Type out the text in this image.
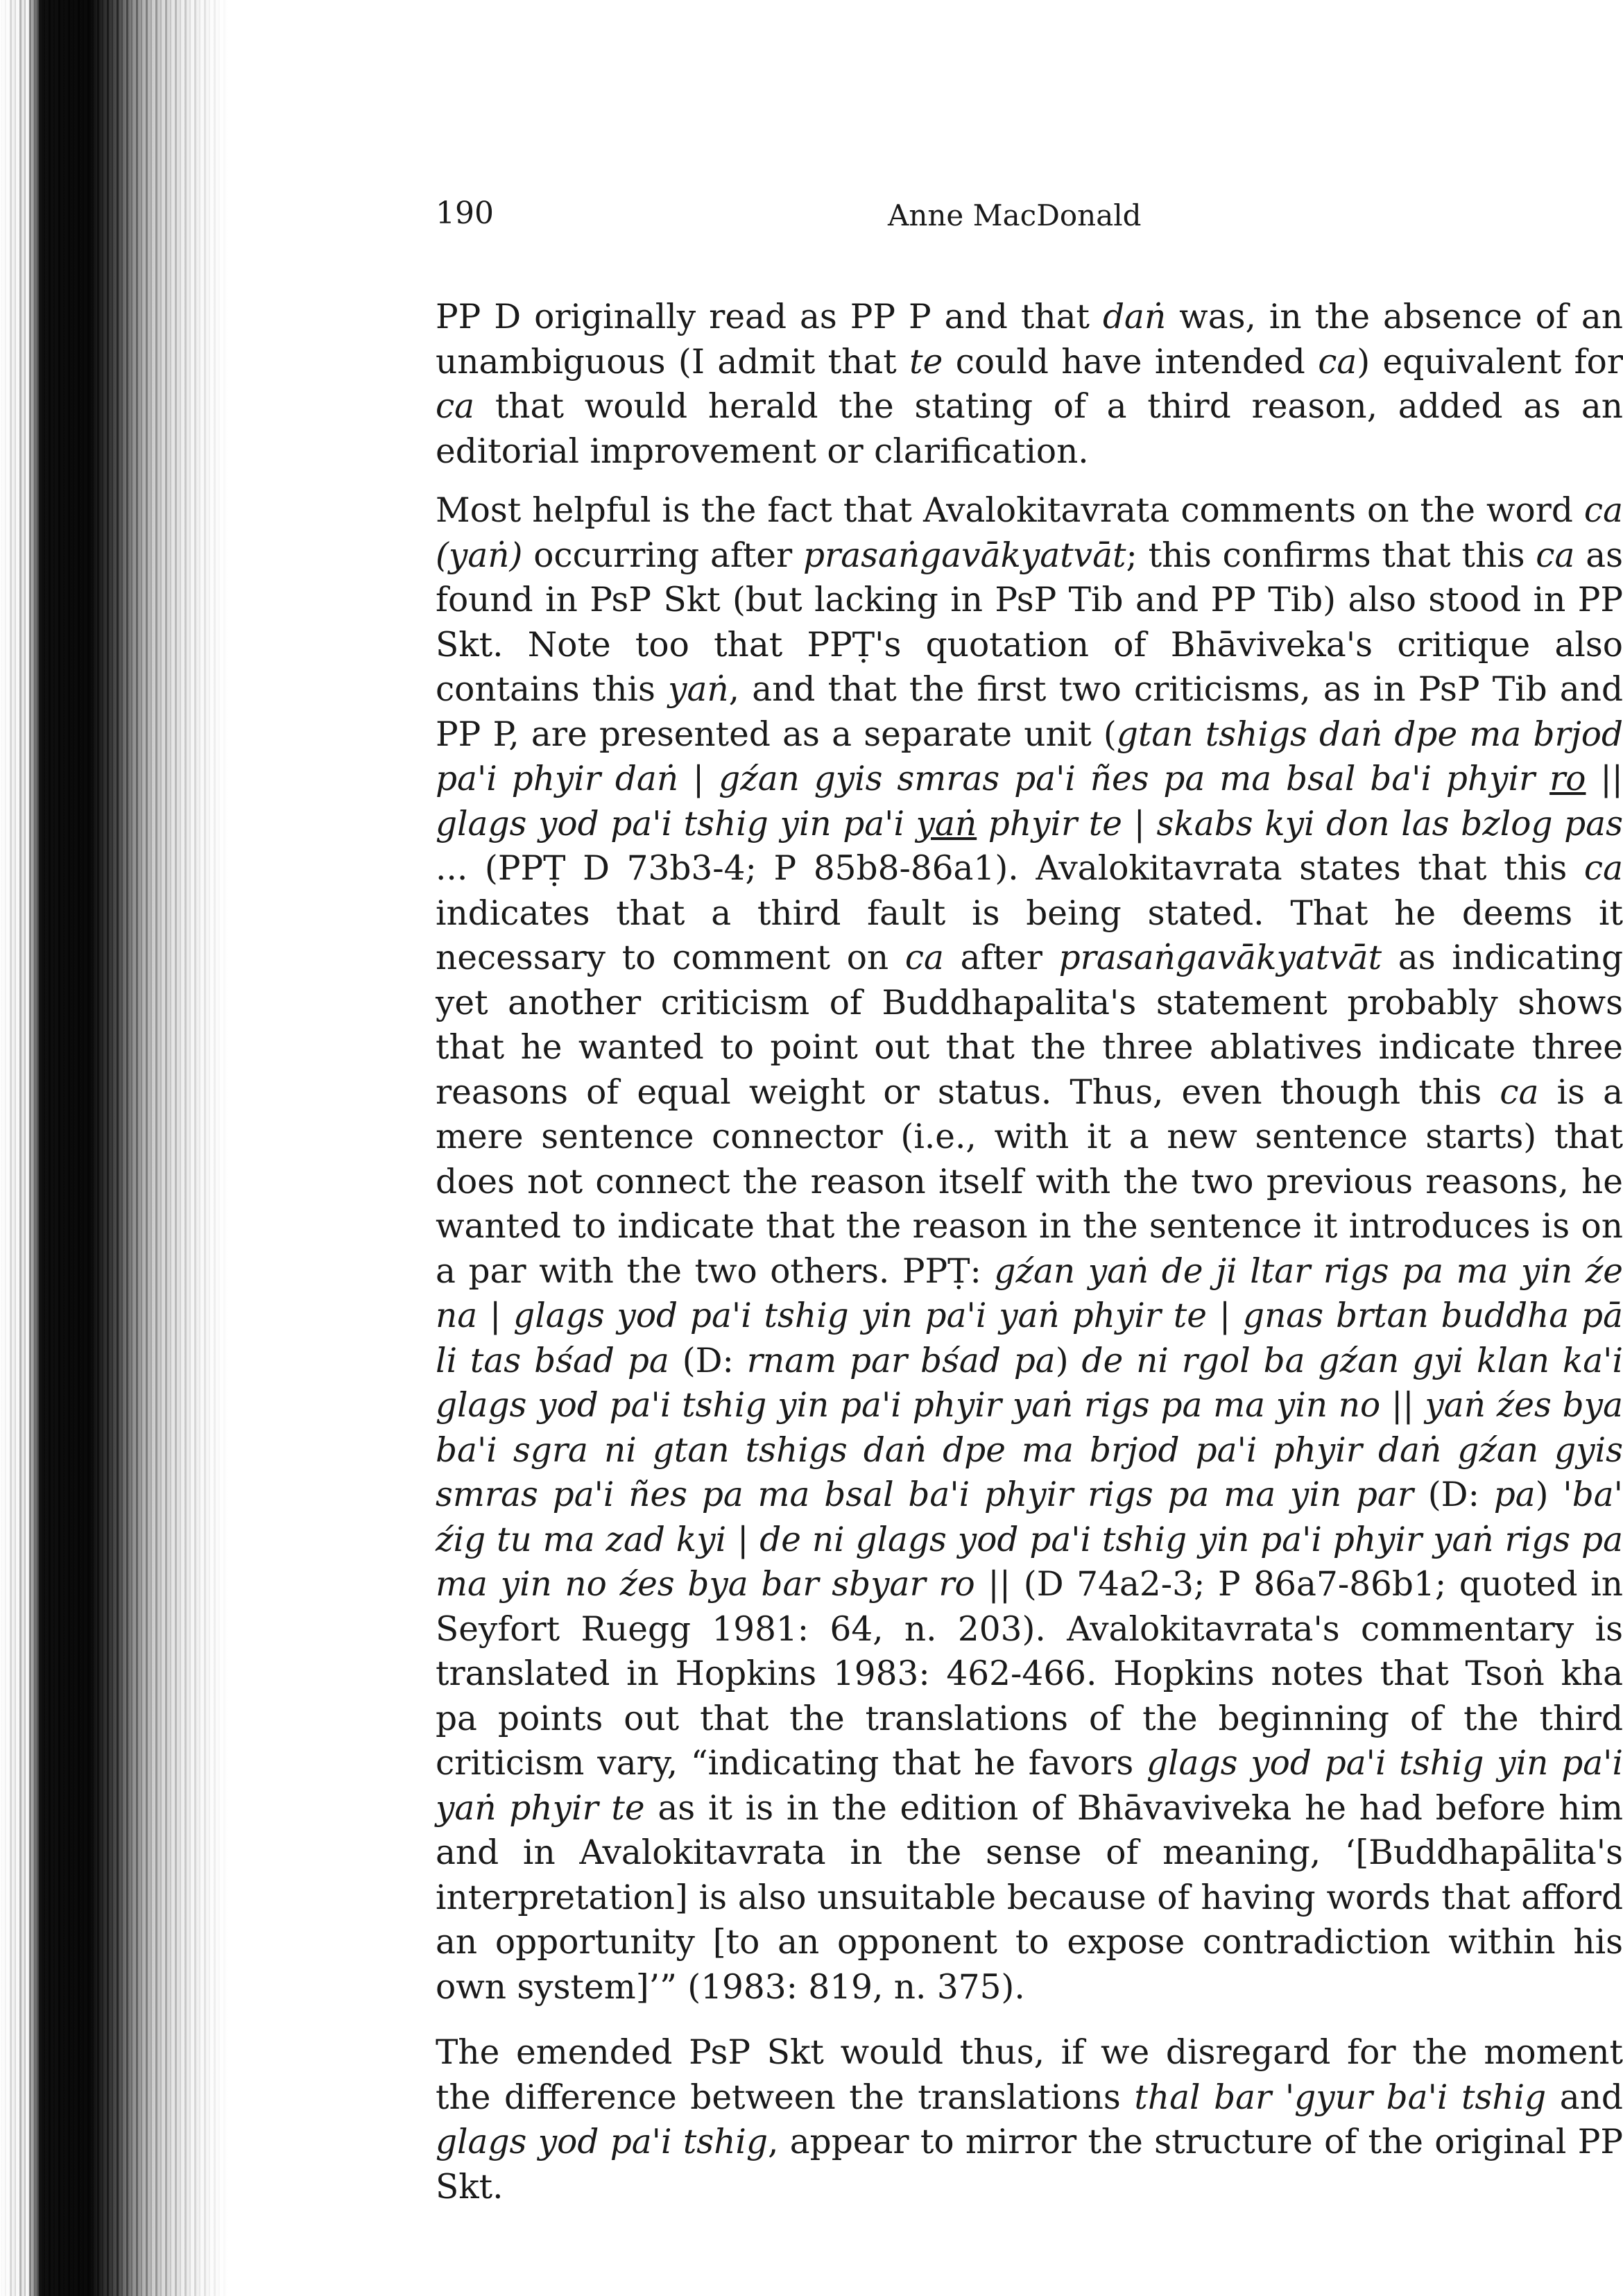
190	Anne MacDonald

PP D originally read as PP P and that daṅ was, in the absence of an unambiguous (I admit that te could have intended ca) equivalent for ca that would herald the stating of a third reason, added as an editorial improvement or clarification.

Most helpful is the fact that Avalokitavrata comments on the word ca (yaṅ) occurring after prasaṅgavākyatvāt; this confirms that this ca as found in PsP Skt (but lacking in PsP Tib and PP Tib) also stood in PP Skt. Note too that PPṬ's quotation of Bhāviveka's critique also contains this yaṅ, and that the first two criticisms, as in PsP Tib and PP P, are presented as a separate unit (gtan tshigs daṅ dpe ma brjod pa'i phyir daṅ | gźan gyis smras pa'i ñes pa ma bsal ba'i phyir ro || glags yod pa'i tshig yin pa'i yaṅ phyir te | skabs kyi don las bzlog pas ... (PPṬ D 73b3-4; P 85b8-86a1). Avalokitavrata states that this ca indicates that a third fault is being stated. That he deems it necessary to comment on ca after prasaṅgavākyatvāt as indicating yet another criticism of Buddhapalita's statement probably shows that he wanted to point out that the three ablatives indicate three reasons of equal weight or status. Thus, even though this ca is a mere sentence connector (i.e., with it a new sentence starts) that does not connect the reason itself with the two previous reasons, he wanted to indicate that the reason in the sentence it introduces is on a par with the two others. PPṬ: gźan yaṅ de ji ltar rigs pa ma yin źe na | glags yod pa'i tshig yin pa'i yaṅ phyir te | gnas brtan buddha pā li tas bśad pa (D: rnam par bśad pa) de ni rgol ba gźan gyi klan ka'i glags yod pa'i tshig yin pa'i phyir yaṅ rigs pa ma yin no || yaṅ źes bya ba'i sgra ni gtan tshigs daṅ dpe ma brjod pa'i phyir daṅ gźan gyis smras pa'i ñes pa ma bsal ba'i phyir rigs pa ma yin par (D: pa) 'ba' źig tu ma zad kyi | de ni glags yod pa'i tshig yin pa'i phyir yaṅ rigs pa ma yin no źes bya bar sbyar ro || (D 74a2-3; P 86a7-86b1; quoted in Seyfort Ruegg 1981: 64, n. 203). Avalokitavrata's commentary is translated in Hopkins 1983: 462-466. Hopkins notes that Tsoṅ kha pa points out that the translations of the beginning of the third criticism vary, “indicating that he favors glags yod pa'i tshig yin pa'i yaṅ phyir te as it is in the edition of Bhāvaviveka he had before him and in Avalokitavrata in the sense of meaning, ‘[Buddhapālita's interpretation] is also unsuitable because of having words that afford an opportunity [to an opponent to expose contradiction within his own system]’” (1983: 819, n. 375).

The emended PsP Skt would thus, if we disregard for the moment the difference between the translations thal bar 'gyur ba'i tshig and glags yod pa'i tshig, appear to mirror the structure of the original PP Skt.
